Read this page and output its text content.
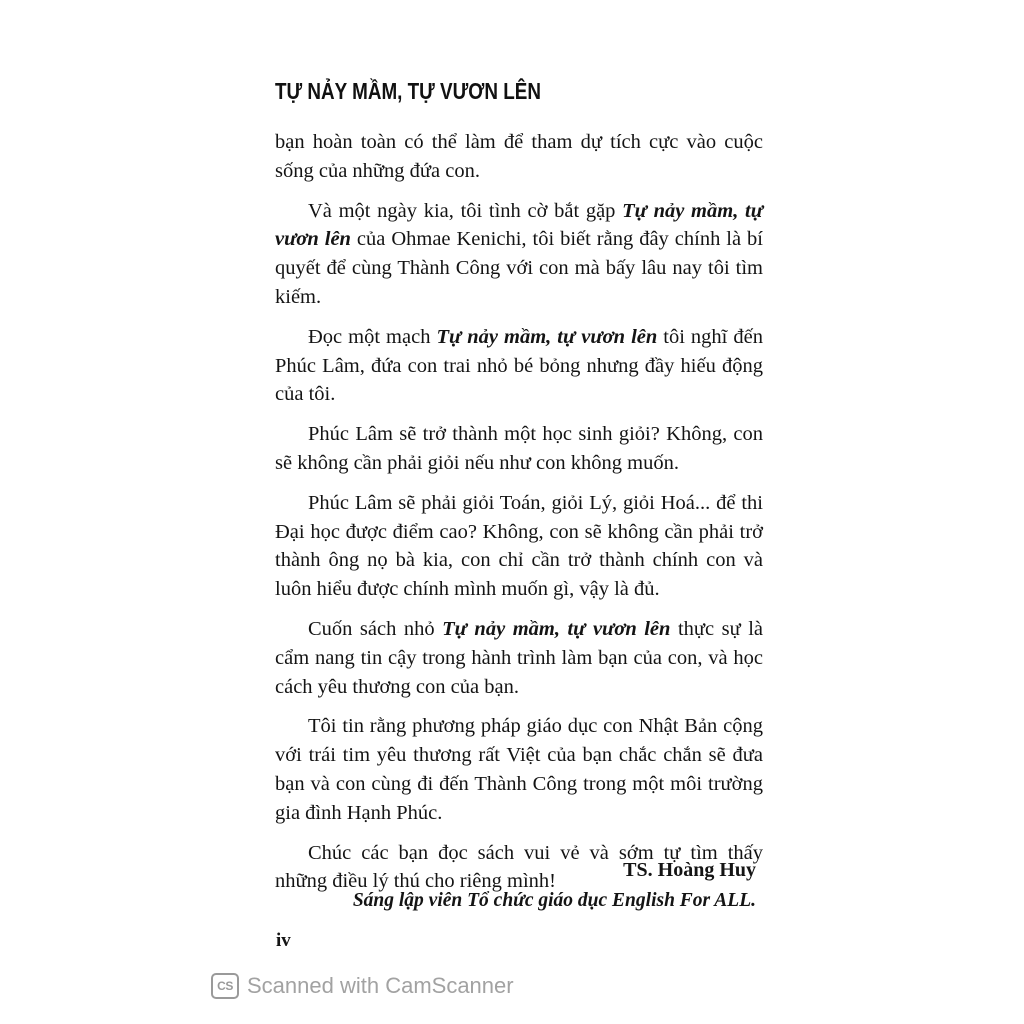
TỰ NẢY MẦM, TỰ VƯƠN LÊN

bạn hoàn toàn có thể làm để tham dự tích cực vào cuộc sống của những đứa con.

Và một ngày kia, tôi tình cờ bắt gặp Tự nảy mầm, tự vươn lên của Ohmae Kenichi, tôi biết rằng đây chính là bí quyết để cùng Thành Công với con mà bấy lâu nay tôi tìm kiếm.

Đọc một mạch Tự nảy mầm, tự vươn lên tôi nghĩ đến Phúc Lâm, đứa con trai nhỏ bé bỏng nhưng đầy hiếu động của tôi.

Phúc Lâm sẽ trở thành một học sinh giỏi? Không, con sẽ không cần phải giỏi nếu như con không muốn.

Phúc Lâm sẽ phải giỏi Toán, giỏi Lý, giỏi Hoá... để thi Đại học được điểm cao? Không, con sẽ không cần phải trở thành ông nọ bà kia, con chỉ cần trở thành chính con và luôn hiểu được chính mình muốn gì, vậy là đủ.

Cuốn sách nhỏ Tự nảy mầm, tự vươn lên thực sự là cẩm nang tin cậy trong hành trình làm bạn của con, và học cách yêu thương con của bạn.

Tôi tin rằng phương pháp giáo dục con Nhật Bản cộng với trái tim yêu thương rất Việt của bạn chắc chắn sẽ đưa bạn và con cùng đi đến Thành Công trong một môi trường gia đình Hạnh Phúc.

Chúc các bạn đọc sách vui vẻ và sớm tự tìm thấy những điều lý thú cho riêng mình!

TS. Hoàng Huy
Sáng lập viên Tổ chức giáo dục English For ALL.
iv
CS Scanned with CamScanner
